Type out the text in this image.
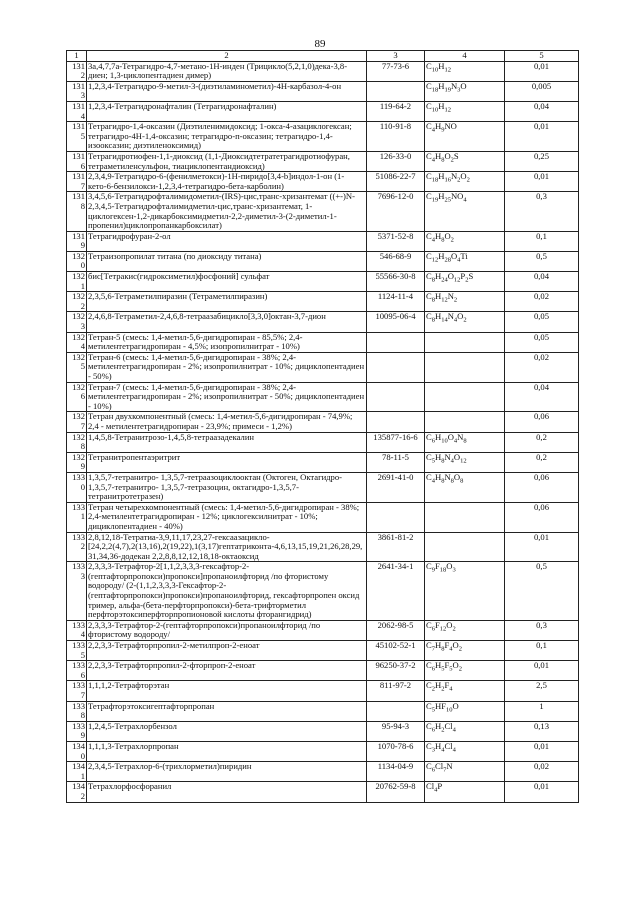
89
1	2	3	4	5
1312	3a,4,7,7a-Тетрагидро-4,7-метано-1Н-инден (Трицикло(5,2,1,0)дека-3,8-диен; 1,3-циклопентадиен димер)	77-73-6	$C_{10}H_{12}$	0,01
1313	1,2,3,4-Тетрагидро-9-метил-3-(диэтиламинометил)-4Н-карбазол-4-он		$C_{18}H_{19}N_3O$	0,005
1314	1,2,3,4-Тетрагидронафталин (Тетрагидронафталин)	119-64-2	$C_{10}H_{12}$	0,04
1315	Тетрагидро-1,4-оксазин (Диэтиленимидоксид; 1-окса-4-азациклогексан; тетрагидро-4Н-1,4-оксазин; тетрагидро-п-оксазин; тетрагидро-1,4-изооксазин; диэтиленоксимид)	110-91-8	$C_4H_9NO$	0,01
1316	Тетрагидротиофен-1,1-диоксид (1,1-Диоксидтетратетрагидротиофуран, тетраметиленсульфон, тиациклопентандиоксид)	126-33-0	$C_4H_8O_2S$	0,25
1317	2,3,4,9-Тетрагидро-6-(фенилметокси)-1Н-пиридо[3,4-b]индол-1-он (1-кето-6-бензилокси-1,2,3,4-тетрагидро-бета-карболин)	51086-22-7	$C_{18}H_{16}N_2O_2$	0,01
1318	3,4,5,6-Тетрагидрофталимидометил-(IRS)-цис,транс-хризантемат ((+-)N-2,3,4,5-Тетрагидрофталимидметил-цис,транс-хризантемат, 1-циклогексен-1,2-дикарбоксимидметил-2,2-диметил-3-(2-диметил-1-пропенил)циклопропанкарбоксилат)	7696-12-0	$C_{19}H_{25}NO_4$	0,3
1319	Тетрагидрофуран-2-ол	5371-52-8	$C_4H_8O_2$	0,1
1320	Тетраизопропилат титана (по диоксиду титана)	546-68-9	$C_{12}H_{28}O_4Ti$	0,5
1321	бис[Тетракис(гидроксиметил)фосфоний] сульфат	55566-30-8	$C_8H_{24}O_{12}P_2S$	0,04
1322	2,3,5,6-Тетраметилпиразин (Тетраметилпиразин)	1124-11-4	$C_8H_{12}N_2$	0,02
1323	2,4,6,8-Тетраметил-2,4,6,8-тетраазабицикло[3,3,0]октан-3,7-дион	10095-06-4	$C_8H_{14}N_4O_2$	0,05
1324	Тетран-5 (смесь: 1,4-метил-5,6-дигидропиран - 85,5%; 2,4-метилентетрагидропиран - 4,5%; изопропилнитрат - 10%)			0,05
1325	Тетран-6 (смесь: 1,4-метил-5,6-дигидропиран - 38%; 2,4-метилентетрагидропиран - 2%; изопропилнитрат - 10%; дициклопентадиен - 50%)			0,02
1326	Тетран-7 (смесь: 1,4-метил-5,6-дигидропиран - 38%; 2,4-метилентетрагидропиран - 2%; изопропилнитрат - 50%; дициклопентадиен - 10%)			0,04
1327	Тетран двухкомпонентный (смесь: 1,4-метил-5,6-дигидропиран - 74,9%; 2,4 - метилентетрагидропиран - 23,9%; примеси - 1,2%)			0,06
1328	1,4,5,8-Тетранитрозо-1,4,5,8-тетраазадекалин	135877-16-6	$C_6H_{10}O_4N_8$	0,2
1329	Тетранитропентаэритрит	78-11-5	$C_5H_8N_4O_{12}$	0,2
1330	1,3,5,7-тетранитро- 1,3,5,7-тетраазоциклооктан (Октоген, Октагидро- 1,3,5,7-тетранитро- 1,3,5,7-тетразоцин, октагидро-1,3,5,7- тетранитротетразен)	2691-41-0	$C_4H_8N_8O_8$	0,06
1331	Тетран четырехкомпонентный (смесь: 1,4-метил-5,6-дигидропиран - 38%; 2,4-метилентетрагидропиран - 12%; циклогексилнитрат - 10%; дициклопентадиен - 40%)			0,06
1332	2,8,12,18-Тетратиа-3,9,11,17,23,27-гексаазацикло-[24,2,2(4,7),2(13,16),2(19,22),1(3,17)гептатриконта-4,6,13,15,19,21,26,28,29,31,34,36-додекан 2,2,8,8,12,12,18,18-октаоксид	3861-81-2		0,01
1333	2,3,3,3-Тетрафтор-2[1,1,2,3,3,3-гексафтор-2-(гептафторпропокси)пропокси]пропаноилфторид /по фтористому водороду/ (2-(1,1,2,3,3,3-Гексафтор-2-(гептафторпропокси)пропокси)пропаноилфторид, гексафторпропен оксид тример, альфа-(бета-перфторпропокси)-бета-трифторметил перфторэтоксиперфторпропионовой кислоты фторангидрид)	2641-34-1	$C_9F_{18}O_3$	0,5
1334	2,3,3,3-Тетрафтор-2-(гептафторпропокси)пропаноилфторид /по фтористому водороду/	2062-98-5	$C_6F_{12}O_2$	0,3
1335	2,2,3,3-Тетрафторпропил-2-метилпроп-2-еноат	45102-52-1	$C_7H_8F_4O_2$	0,1
1336	2,2,3,3-Тетрафторпропил-2-фторпроп-2-еноат	96250-37-2	$C_6H_5F_5O_2$	0,01
1337	1,1,1,2-Тетрафторэтан	811-97-2	$C_2H_2F_4$	2,5
1338	Тетрафторэтоксигептафторпропан		$C_5HF_{10}O$	1
1339	1,2,4,5-Тетрахлорбензол	95-94-3	$C_6H_2Cl_4$	0,13
1340	1,1,1,3-Тетрахлорпропан	1070-78-6	$C_3H_4Cl_4$	0,01
1341	2,3,4,5-Тетрахлор-6-(трихлорметил)пиридин	1134-04-9	$C_6Cl_7N$	0,02
1342	Тетрахлорфосфоранил	20762-59-8	$Cl_4P$	0,01
